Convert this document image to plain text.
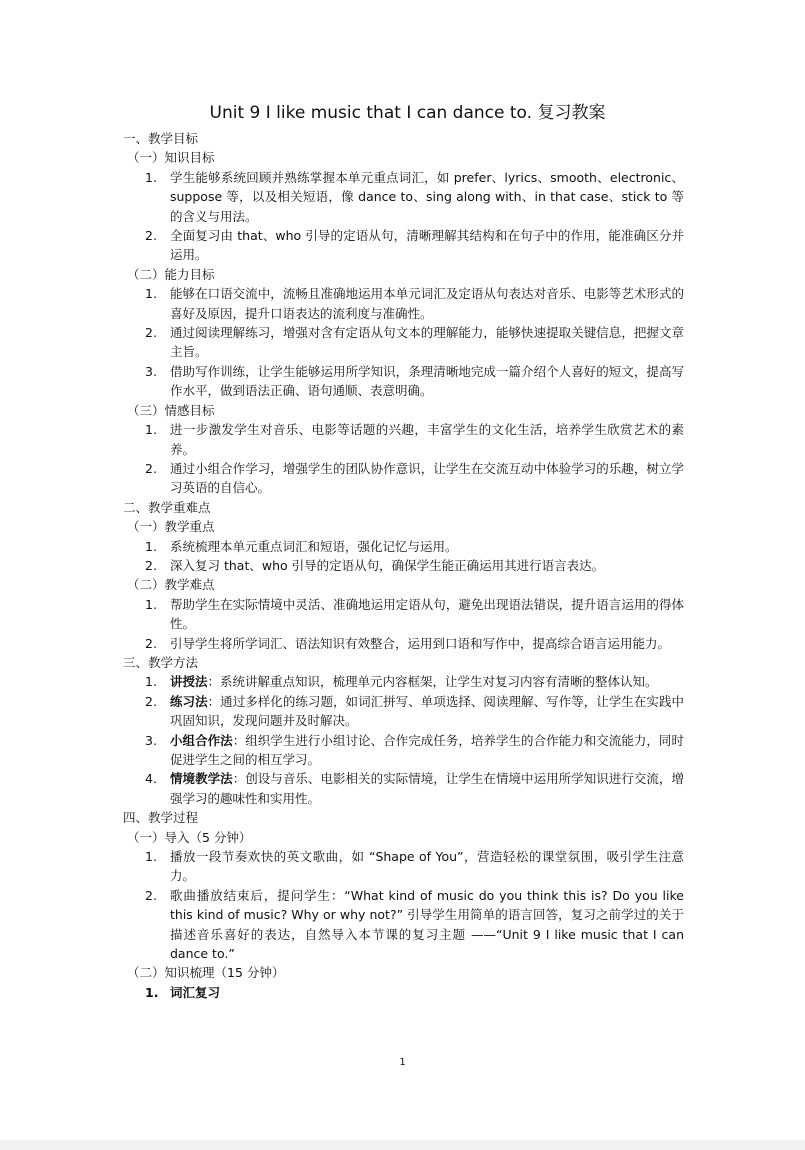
Unit 9 I like music that I can dance to. 复习教案
一、教学目标
（一）知识目标
1. 学生能够系统回顾并熟练掌握本单元重点词汇，如 prefer、lyrics、smooth、electronic、suppose 等，以及相关短语，像 dance to、sing along with、in that case、stick to 等的含义与用法。
2. 全面复习由 that、who 引导的定语从句，清晰理解其结构和在句子中的作用，能准确区分并运用。
（二）能力目标
1. 能够在口语交流中，流畅且准确地运用本单元词汇及定语从句表达对音乐、电影等艺术形式的喜好及原因，提升口语表达的流利度与准确性。
2. 通过阅读理解练习，增强对含有定语从句文本的理解能力，能够快速提取关键信息，把握文章主旨。
3. 借助写作训练，让学生能够运用所学知识，条理清晰地完成一篇介绍个人喜好的短文，提高写作水平，做到语法正确、语句通顺、表意明确。
（三）情感目标
1. 进一步激发学生对音乐、电影等话题的兴趣，丰富学生的文化生活，培养学生欣赏艺术的素养。
2. 通过小组合作学习，增强学生的团队协作意识，让学生在交流互动中体验学习的乐趣，树立学习英语的自信心。
二、教学重难点
（一）教学重点
1. 系统梳理本单元重点词汇和短语，强化记忆与运用。
2. 深入复习 that、who 引导的定语从句，确保学生能正确运用其进行语言表达。
（二）教学难点
1. 帮助学生在实际情境中灵活、准确地运用定语从句，避免出现语法错误，提升语言运用的得体性。
2. 引导学生将所学词汇、语法知识有效整合，运用到口语和写作中，提高综合语言运用能力。
三、教学方法
1. 讲授法：系统讲解重点知识，梳理单元内容框架，让学生对复习内容有清晰的整体认知。
2. 练习法：通过多样化的练习题，如词汇拼写、单项选择、阅读理解、写作等，让学生在实践中巩固知识，发现问题并及时解决。
3. 小组合作法：组织学生进行小组讨论、合作完成任务，培养学生的合作能力和交流能力，同时促进学生之间的相互学习。
4. 情境教学法：创设与音乐、电影相关的实际情境，让学生在情境中运用所学知识进行交流，增强学习的趣味性和实用性。
四、教学过程
（一）导入（5 分钟）
1. 播放一段节奏欢快的英文歌曲，如 “Shape of You”，营造轻松的课堂氛围，吸引学生注意力。
2. 歌曲播放结束后，提问学生：“What kind of music do you think this is? Do you like this kind of music? Why or why not?” 引导学生用简单的语言回答，复习之前学过的关于描述音乐喜好的表达，自然导入本节课的复习主题 ——“Unit 9 I like music that I can dance to.”
（二）知识梳理（15 分钟）
1. 词汇复习
1
